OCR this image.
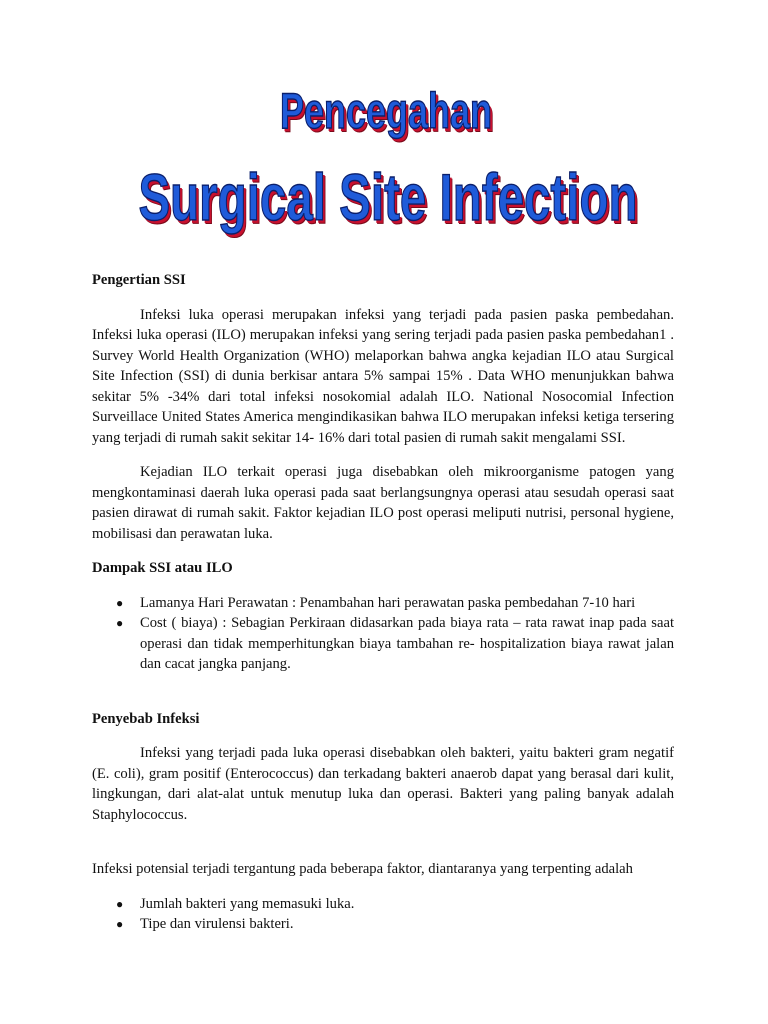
Pencegahan
Surgical Site Infection
Pengertian SSI

Infeksi luka operasi merupakan infeksi yang terjadi pada pasien paska pembedahan. Infeksi luka operasi (ILO) merupakan infeksi yang sering terjadi pada pasien paska pembedahan1 . Survey World Health Organization (WHO) melaporkan bahwa angka kejadian ILO atau Surgical Site Infection (SSI) di dunia berkisar antara 5% sampai 15% . Data WHO menunjukkan bahwa sekitar 5% -34% dari total infeksi nosokomial adalah ILO. National Nosocomial Infection Surveillace United States America mengindikasikan bahwa ILO merupakan infeksi ketiga tersering yang terjadi di rumah sakit sekitar 14- 16% dari total pasien di rumah sakit mengalami SSI.

Kejadian ILO terkait operasi juga disebabkan oleh mikroorganisme patogen yang mengkontaminasi daerah luka operasi pada saat berlangsungnya operasi atau sesudah operasi saat pasien dirawat di rumah sakit. Faktor kejadian ILO post operasi meliputi nutrisi, personal hygiene, mobilisasi dan perawatan luka.

Dampak SSI atau ILO
● Lamanya Hari Perawatan : Penambahan hari perawatan paska pembedahan 7-10 hari
● Cost ( biaya) : Sebagian Perkiraan didasarkan pada biaya rata – rata rawat inap pada saat operasi dan tidak memperhitungkan biaya tambahan re- hospitalization biaya rawat jalan dan cacat jangka panjang.
Penyebab Infeksi

Infeksi yang terjadi pada luka operasi disebabkan oleh bakteri, yaitu bakteri gram negatif (E. coli), gram positif (Enterococcus) dan terkadang bakteri anaerob dapat yang berasal dari kulit, lingkungan, dari alat-alat untuk menutup luka dan operasi. Bakteri yang paling banyak adalah Staphylococcus.

Infeksi potensial terjadi tergantung pada beberapa faktor, diantaranya yang terpenting adalah

● Jumlah bakteri yang memasuki luka.
● Tipe dan virulensi bakteri.
